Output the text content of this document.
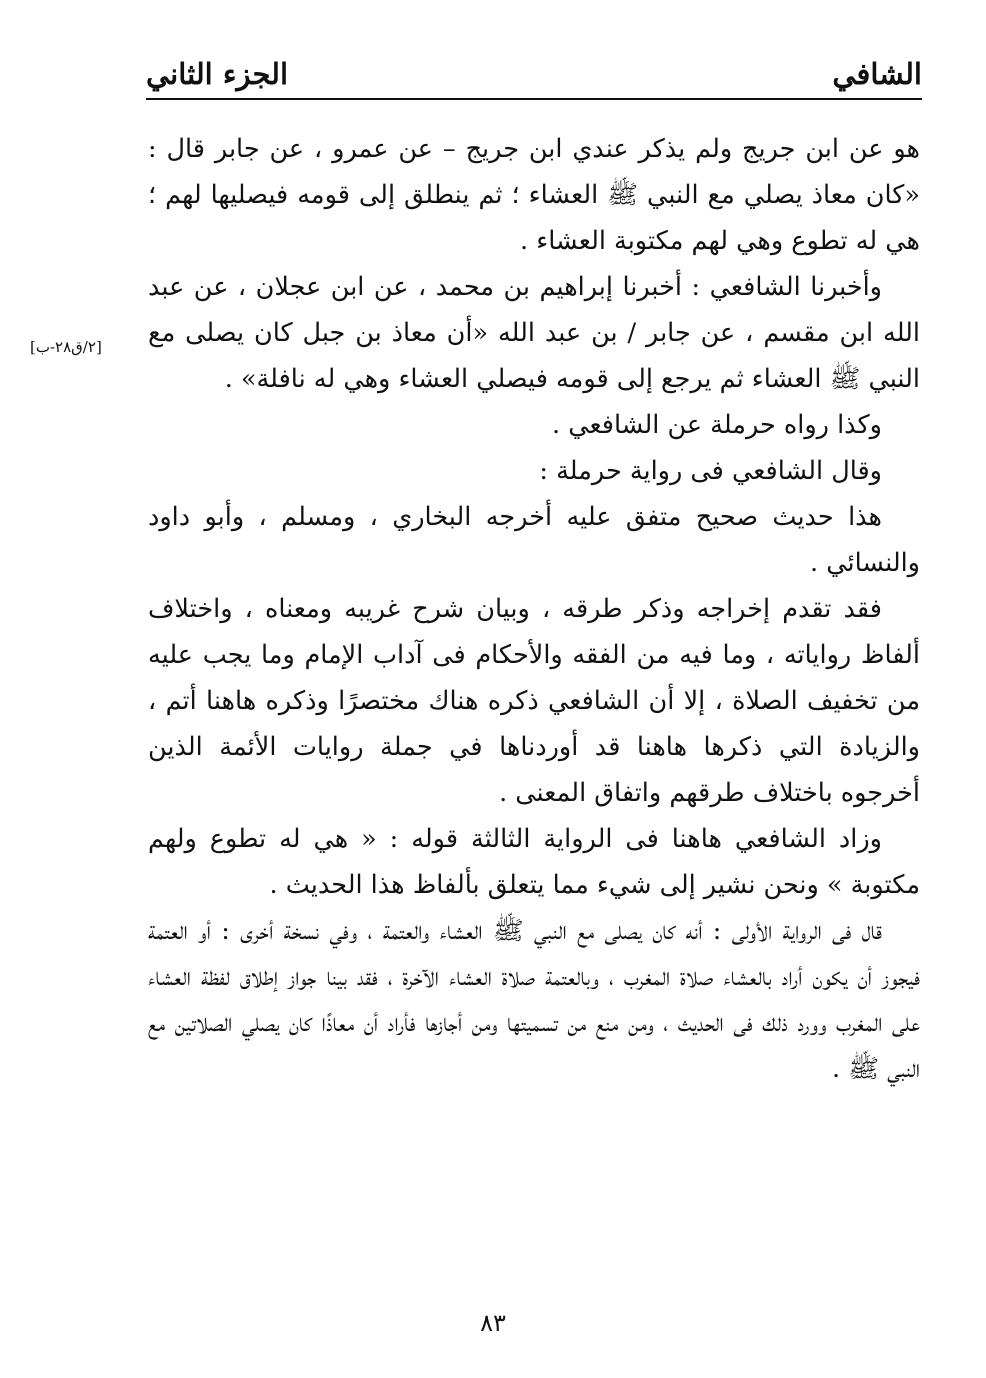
الشافي
الجزء الثاني
[٢/ق٢٨-ب]

هو عن ابن جريج ولم يذكر عندي ابن جريج – عن عمرو ، عن جابر قال : «كان معاذ يصلي مع النبي ﷺ العشاء ؛ ثم ينطلق إلى قومه فيصليها لهم ؛ هي له تطوع وهي لهم مكتوبة العشاء .

وأخبرنا الشافعي : أخبرنا إبراهيم بن محمد ، عن ابن عجلان ، عن عبد الله ابن مقسم ، عن جابر / بن عبد الله «أن معاذ بن جبل كان يصلى مع النبي ﷺ العشاء ثم يرجع إلى قومه فيصلي العشاء وهي له نافلة» .

وكذا رواه حرملة عن الشافعي .

وقال الشافعي فى رواية حرملة :

هذا حديث صحيح متفق عليه أخرجه البخاري ، ومسلم ، وأبو داود والنسائي .

فقد تقدم إخراجه وذكر طرقه ، وبيان شرح غريبه ومعناه ، واختلاف ألفاظ رواياته ، وما فيه من الفقه والأحكام فى آداب الإمام وما يجب عليه من تخفيف الصلاة ، إلا أن الشافعي ذكره هناك مختصرًا وذكره هاهنا أتم ، والزيادة التي ذكرها هاهنا قد أوردناها في جملة روايات الأئمة الذين أخرجوه باختلاف طرقهم واتفاق المعنى .

وزاد الشافعي هاهنا فى الرواية الثالثة قوله : « هي له تطوع ولهم مكتوبة » ونحن نشير إلى شيء مما يتعلق بألفاظ هذا الحديث .

قال فى الرواية الأولى : أنه كان يصلى مع النبي ﷺ العشاء والعتمة ، وفي نسخة أخرى : أو العتمة فيجوز أن يكون أراد بالعشاء صلاة المغرب ، وبالعتمة صلاة العشاء الآخرة ، فقد بينا جواز إطلاق لفظة العشاء على المغرب وورد ذلك فى الحديث ، ومن منع من تسميتها ومن أجازها فأراد أن معاذًا كان يصلي الصلاتين مع النبي ﷺ .

٨٣
